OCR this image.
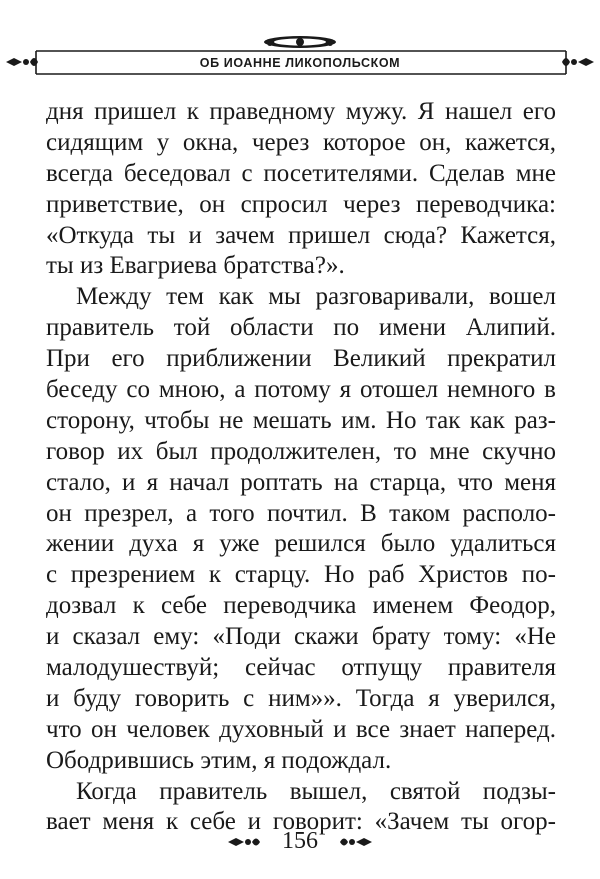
ОБ ИОАННЕ ЛИКОПОЛЬСКОМ
дня пришел к праведному мужу. Я нашел его
сидящим у окна, через которое он, кажется,
всегда беседовал с посетителями. Сделав мне
приветствие, он спросил через переводчика:
«Откуда ты и зачем пришел сюда? Кажется,
ты из Евагриева братства?».
Между тем как мы разговаривали, вошел
правитель той области по имени Алипий.
При его приближении Великий прекратил
беседу со мною, а потому я отошел немного в
сторону, чтобы не мешать им. Но так как раз-
говор их был продолжителен, то мне скучно
стало, и я начал роптать на старца, что меня
он презрел, а того почтил. В таком располо-
жении духа я уже решился было удалиться
с презрением к старцу. Но раб Христов по-
дозвал к себе переводчика именем Феодор,
и сказал ему: «Поди скажи брату тому: «Не
малодушествуй; сейчас отпущу правителя
и буду говорить с ним»». Тогда я уверился,
что он человек духовный и все знает наперед.
Ободрившись этим, я подождал.
Когда правитель вышел, святой подзы-
вает меня к себе и говорит: «Зачем ты огор-
156
